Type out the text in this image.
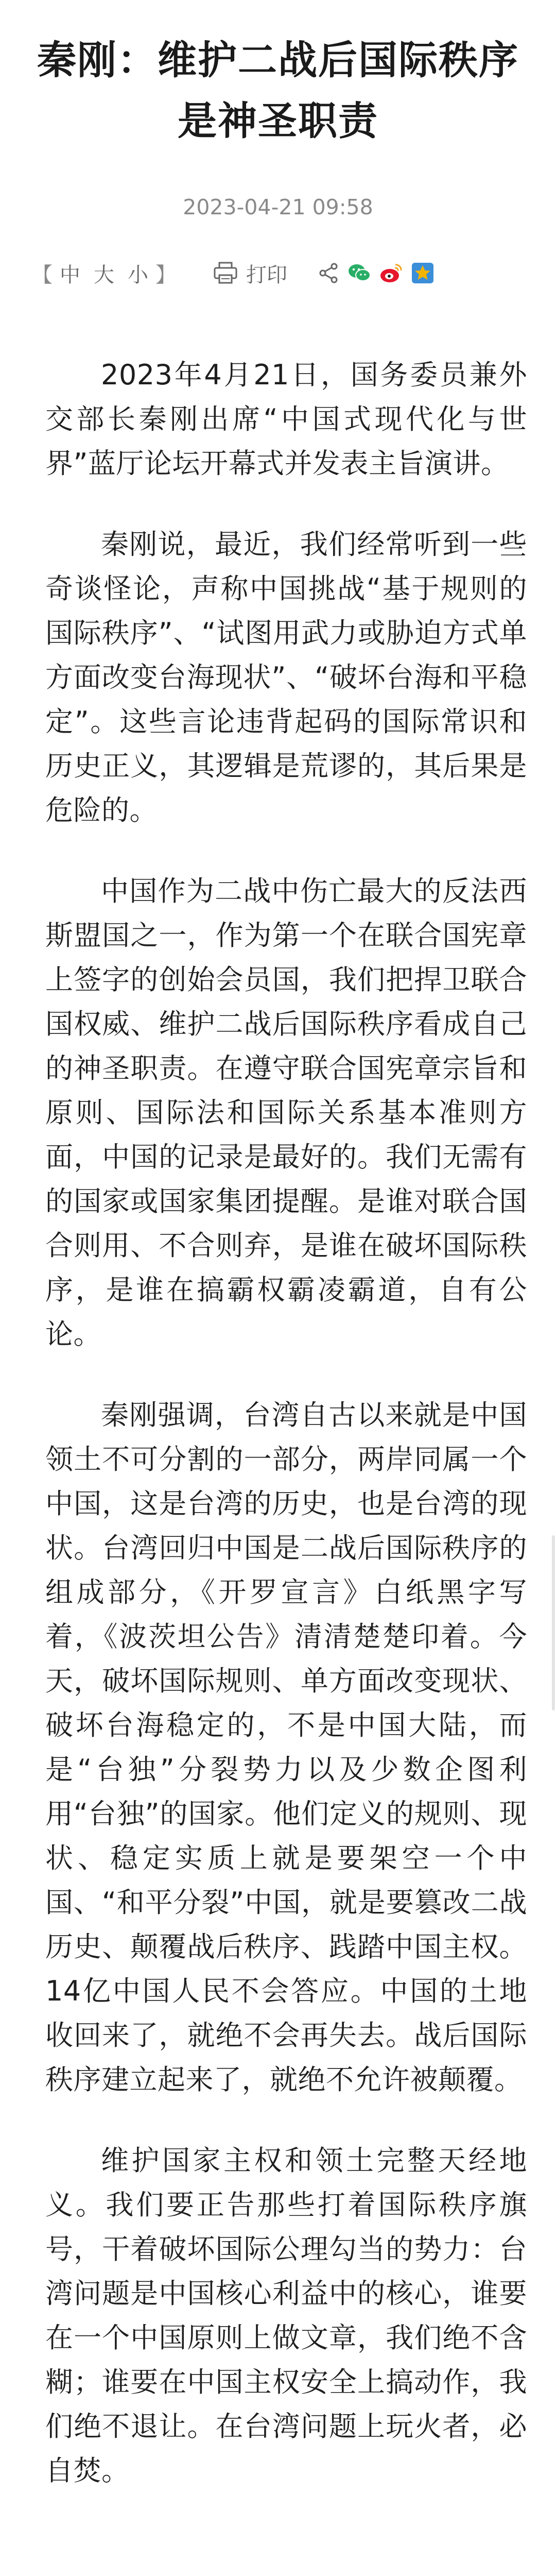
秦刚：维护二战后国际秩序是神圣职责
2023-04-21 09:58
【 中 大 小 】	打印

2023年4月21日，国务委员兼外交部长秦刚出席“中国式现代化与世界”蓝厅论坛开幕式并发表主旨演讲。

秦刚说，最近，我们经常听到一些奇谈怪论，声称中国挑战“基于规则的国际秩序”、“试图用武力或胁迫方式单方面改变台海现状”、“破坏台海和平稳定”。这些言论违背起码的国际常识和历史正义，其逻辑是荒谬的，其后果是危险的。

中国作为二战中伤亡最大的反法西斯盟国之一，作为第一个在联合国宪章上签字的创始会员国，我们把捍卫联合国权威、维护二战后国际秩序看成自己的神圣职责。在遵守联合国宪章宗旨和原则、国际法和国际关系基本准则方面，中国的记录是最好的。我们无需有的国家或国家集团提醒。是谁对联合国合则用、不合则弃，是谁在破坏国际秩序，是谁在搞霸权霸凌霸道，自有公论。

秦刚强调，台湾自古以来就是中国领土不可分割的一部分，两岸同属一个中国，这是台湾的历史，也是台湾的现状。台湾回归中国是二战后国际秩序的组成部分，《开罗宣言》白纸黑字写着，《波茨坦公告》清清楚楚印着。今天，破坏国际规则、单方面改变现状、破坏台海稳定的，不是中国大陆，而是“台独”分裂势力以及少数企图利用“台独”的国家。他们定义的规则、现状、稳定实质上就是要架空一个中国、“和平分裂”中国，就是要篡改二战历史、颠覆战后秩序、践踏中国主权。14亿中国人民不会答应。中国的土地收回来了，就绝不会再失去。战后国际秩序建立起来了，就绝不允许被颠覆。

维护国家主权和领土完整天经地义。我们要正告那些打着国际秩序旗号，干着破坏国际公理勾当的势力：台湾问题是中国核心利益中的核心，谁要在一个中国原则上做文章，我们绝不含糊；谁要在中国主权安全上搞动作，我们绝不退让。在台湾问题上玩火者，必自焚。
